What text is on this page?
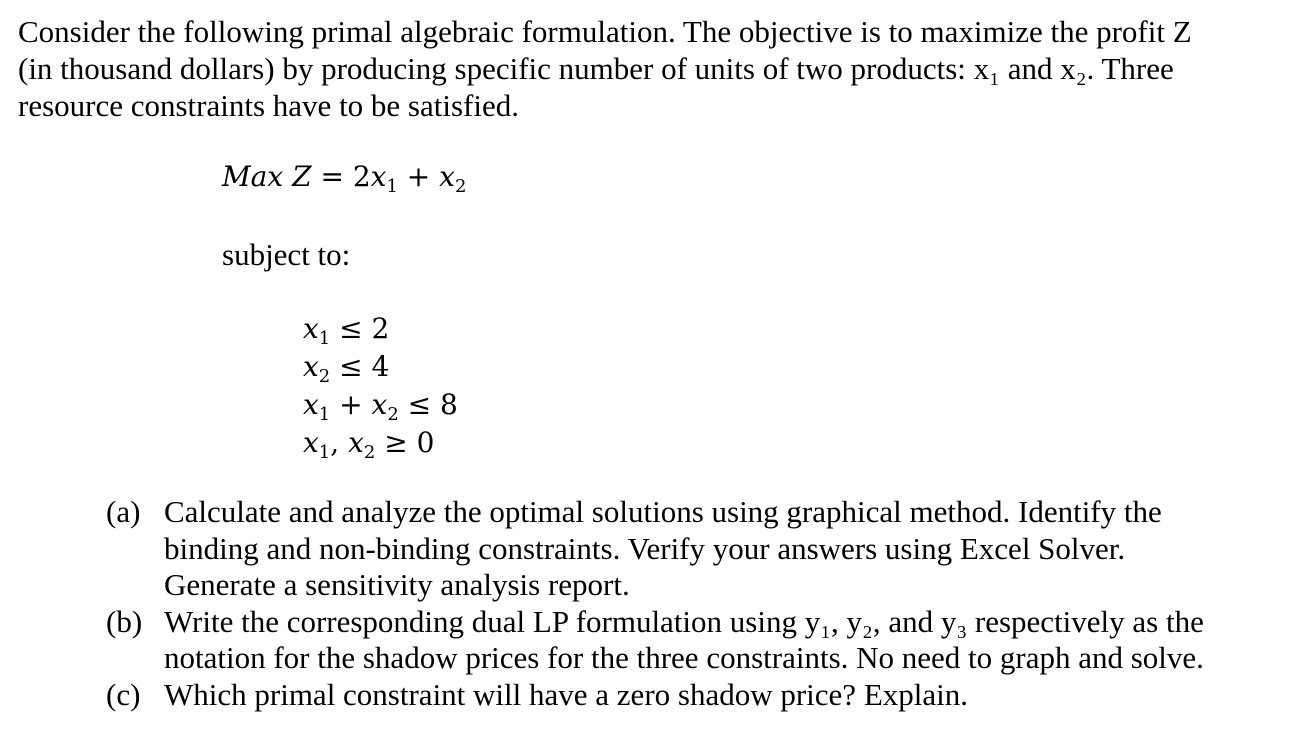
Consider the following primal algebraic formulation. The objective is to maximize the profit Z
(in thousand dollars) by producing specific number of units of two products: x₁ and x₂. Three
resource constraints have to be satisfied.

Max $Z = 2x_1 + x_2$

subject to:

$x_1 \le 2$
$x_2 \le 4$
$x_1 + x_2 \le 8$
$x_1$, $x_2 \ge 0$
(a) Calculate and analyze the optimal solutions using graphical method. Identify the
binding and non-binding constraints. Verify your answers using Excel Solver.
Generate a sensitivity analysis report.
(b) Write the corresponding dual LP formulation using y₁, y₂, and y₃ respectively as the
notation for the shadow prices for the three constraints. No need to graph and solve.
(c) Which primal constraint will have a zero shadow price? Explain.
